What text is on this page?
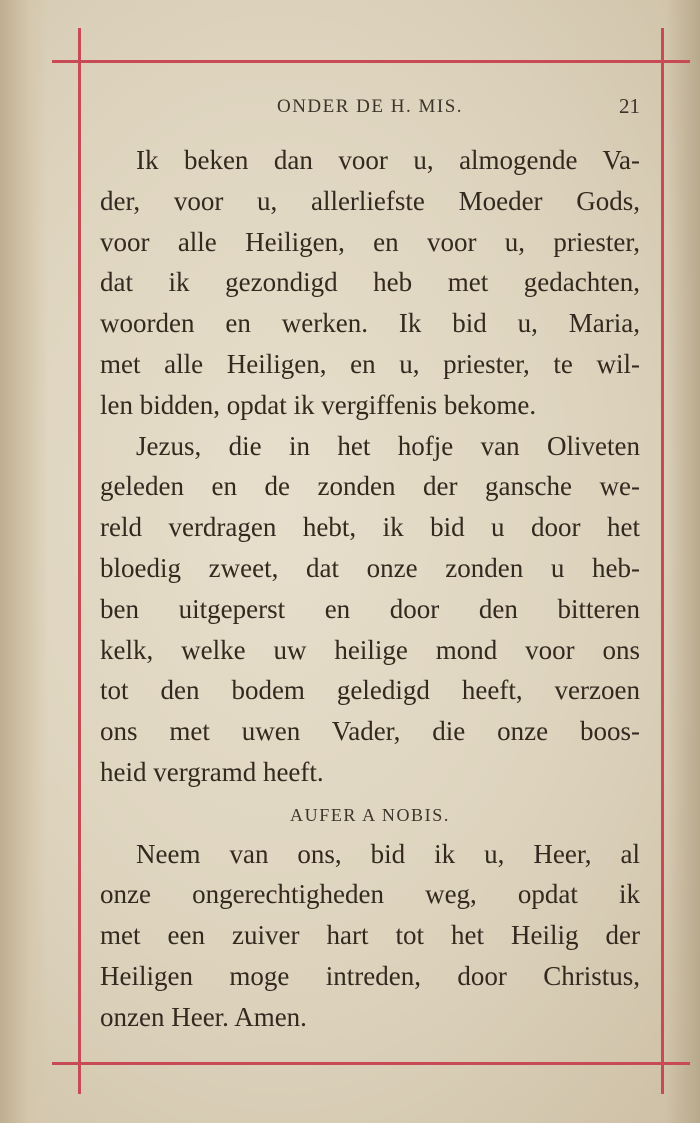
ONDER DE H. MIS.	21
Ik beken dan voor u, almogende Va-
der, voor u, allerliefste Moeder Gods,
voor alle Heiligen, en voor u, priester,
dat ik gezondigd heb met gedachten,
woorden en werken. Ik bid u, Maria,
met alle Heiligen, en u, priester, te wil-
len bidden, opdat ik vergiffenis bekome.
Jezus, die in het hofje van Oliveten
geleden en de zonden der gansche we-
reld verdragen hebt, ik bid u door het
bloedig zweet, dat onze zonden u heb-
ben uitgeperst en door den bitteren
kelk, welke uw heilige mond voor ons
tot den bodem geledigd heeft, verzoen
ons met uwen Vader, die onze boos-
heid vergramd heeft.
AUFER A NOBIS.
Neem van ons, bid ik u, Heer, al
onze ongerechtigheden weg, opdat ik
met een zuiver hart tot het Heilig der
Heiligen moge intreden, door Christus,
onzen Heer. Amen.
